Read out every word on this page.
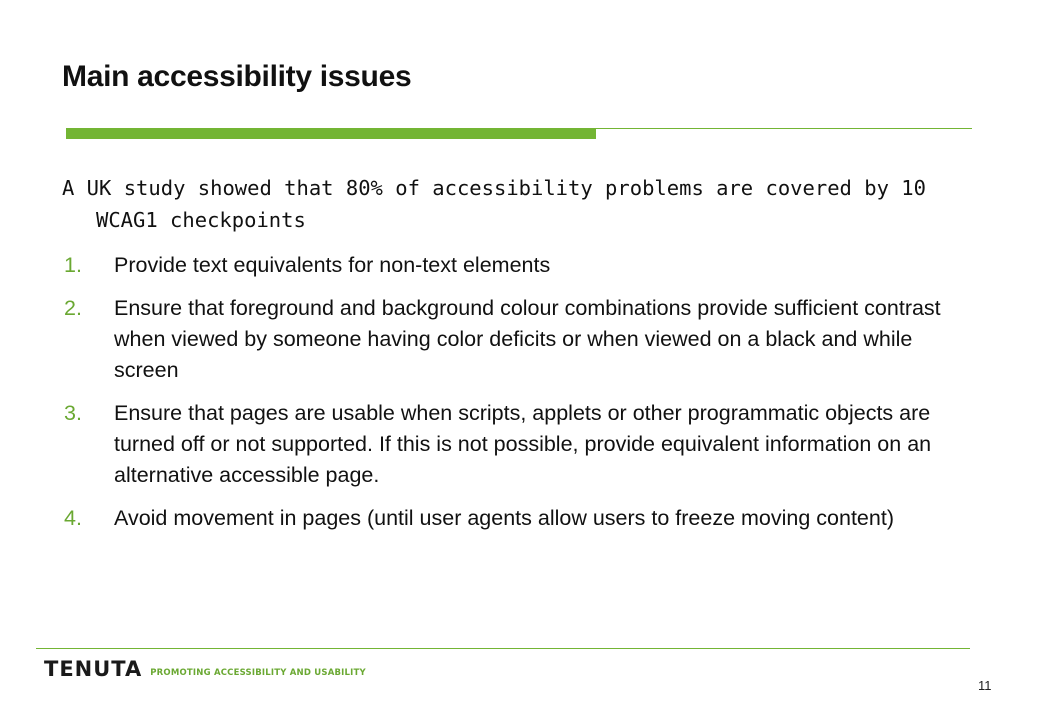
Main accessibility issues

A UK study showed that 80% of accessibility problems are covered by 10 WCAG1 checkpoints

1. Provide text equivalents for non-text elements
2. Ensure that foreground and background colour combinations provide sufficient contrast when viewed by someone having color deficits or when viewed on a black and while screen
3. Ensure that pages are usable when scripts, applets or other programmatic objects are turned off or not supported. If this is not possible, provide equivalent information on an alternative accessible page.
4. Avoid movement in pages (until user agents allow users to freeze moving content)
TENUTA PROMOTING ACCESSIBILITY AND USABILITY
11
